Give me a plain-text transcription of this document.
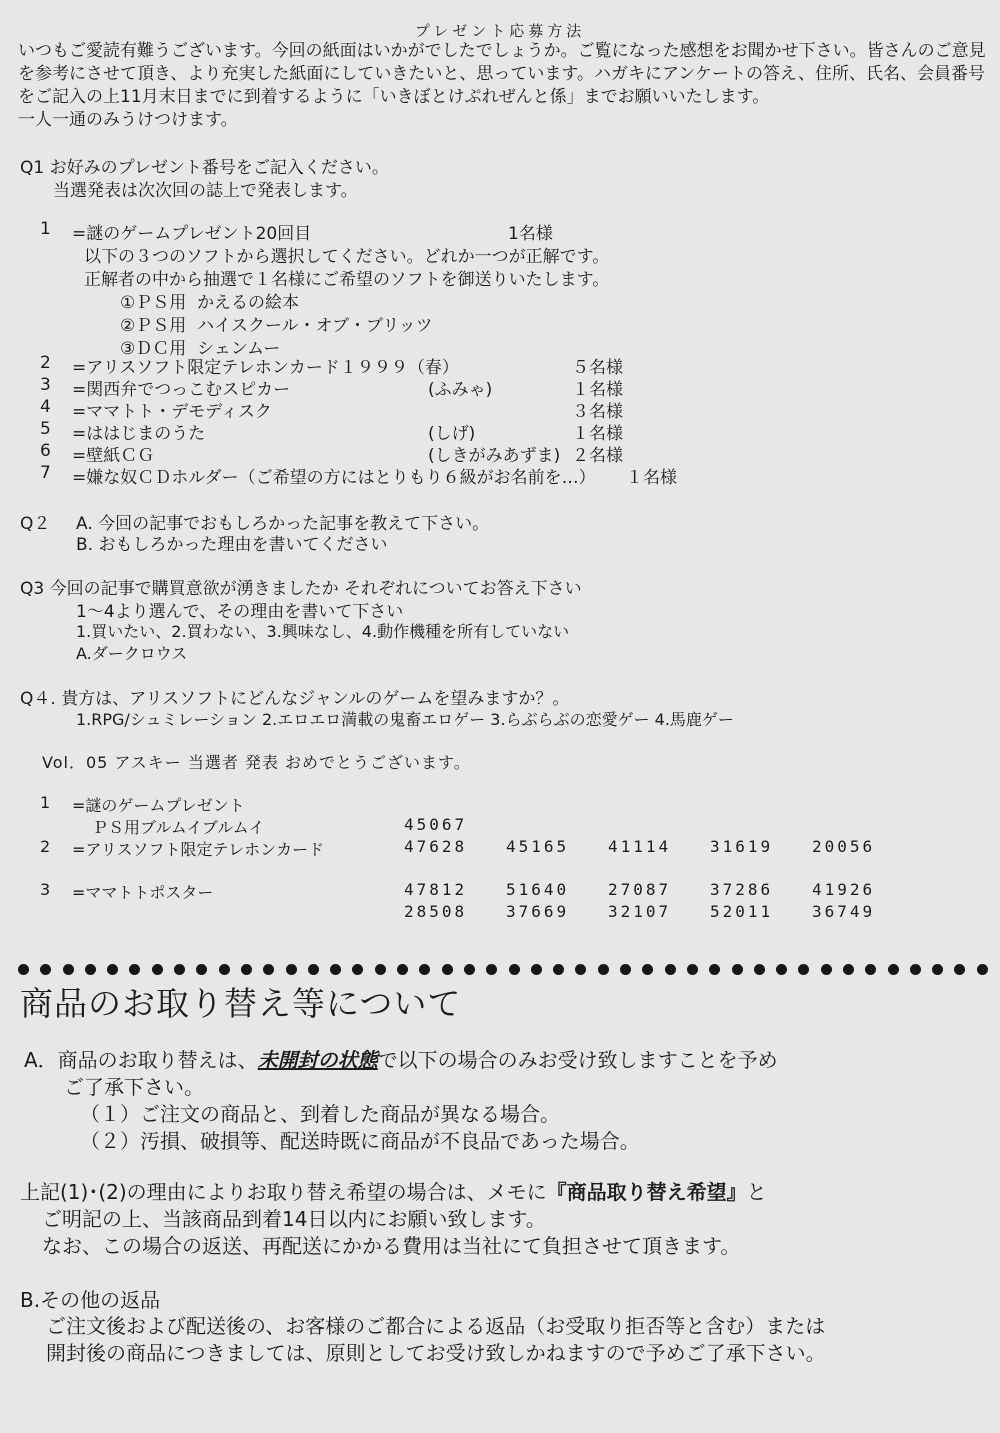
プレゼント応募方法

いつもご愛読有難うございます。今回の紙面はいかがでしたでしょうか。ご覧になった感想をお聞かせ下さい。皆さんのご意見を参考にさせて頂き、より充実した紙面にしていきたいと、思っています。ハガキにアンケートの答え、住所、氏名、会員番号をご記入の上11月末日までに到着するように「いきぼとけぷれぜんと係」までお願いいたします。

一人一通のみうけつけます。

Q1 お好みのプレゼント番号をご記入ください。
当選発表は次次回の誌上で発表します。
1 =謎のゲームプレゼント20回目	1名様
以下の３つのソフトから選択してください。どれか一つが正解です。
正解者の中から抽選で１名様にご希望のソフトを御送りいたします。
①ＰＳ用 かえるの絵本
②ＰＳ用 ハイスクール・オブ・ブリッツ
③ＤＣ用 シェンムー
2 =アリスソフト限定テレホンカード１９９９（春）	５名様
3 =関西弁でつっこむスピカー	(ふみゃ)	１名様
4 =ママトト・デモディスク	３名様
5 =ははじまのうた	(しげ)	１名様
6 =壁紙ＣＧ	(しきがみあずま) ２名様
7 =嫌な奴ＣＤホルダー（ご希望の方にはとりもり６級がお名前を…） １名様
Q２ A. 今回の記事でおもしろかった記事を教えて下さい。
B. おもしろかった理由を書いてください
Q3 今回の記事で購買意欲が湧きましたか それぞれについてお答え下さい
1～4より選んで、その理由を書いて下さい
1.買いたい、2.買わない、3.興味なし、4.動作機種を所有していない
A.ダークロウス
Q４. 貴方は、アリスソフトにどんなジャンルのゲームを望みますか？。
1.RPG/シュミレーション 2.エロエロ満載の鬼畜エロゲー 3.らぶらぶの恋愛ゲー 4.馬鹿ゲー
Vol．05 アスキー 当選者 発表 おめでとうございます。
1 =謎のゲームプレゼント
ＰＳ用ブルムイブルムイ	45067
2 =アリスソフト限定テレホンカード	47628 45165 41114 31619 20056
3 =ママトトポスター	47812 51640 27087 37286 41926
28508 37669 32107 52011 36749
商品のお取り替え等について
A．商品のお取り替えは、未開封の状態で以下の場合のみお受け致しますことを予め
ご了承下さい。
（１）ご注文の商品と、到着した商品が異なる場合。
（２）汚損、破損等、配送時既に商品が不良品であった場合。
上記(1)･(2)の理由によりお取り替え希望の場合は、メモに『商品取り替え希望』と
ご明記の上、当該商品到着14日以内にお願い致します。
なお、この場合の返送、再配送にかかる費用は当社にて負担させて頂きます。
B.その他の返品
ご注文後および配送後の、お客様のご都合による返品（お受取り拒否等と含む）または
開封後の商品につきましては、原則としてお受け致しかねますので予めご了承下さい。
